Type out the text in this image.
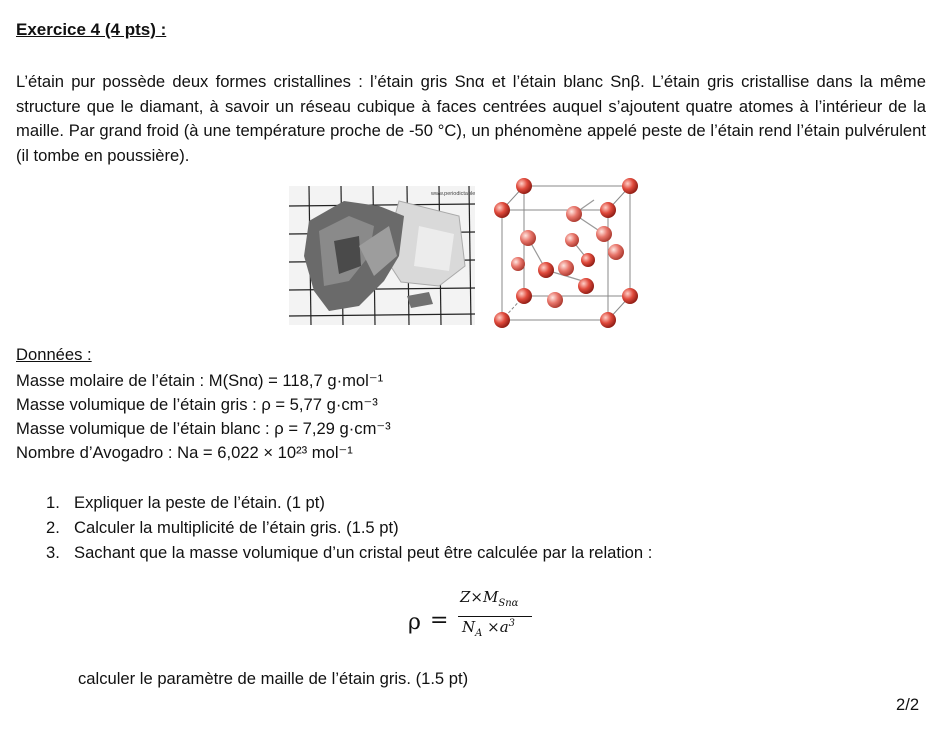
Exercice 4 (4 pts) :
L’étain pur possède deux formes cristallines : l’étain gris Snα et l’étain blanc Snβ. L’étain gris cristallise dans la même structure que le diamant, à savoir un réseau cubique à faces centrées auquel s’ajoutent quatre atomes à l’intérieur de la maille. Par grand froid (à une température proche de -50 °C), un phénomène appelé peste de l’étain rend l’étain pulvérulent (il tombe en poussière).
www.periodictable
Données :
Masse molaire de l’étain : M(Snα) = 118,7 g·mol⁻¹
Masse volumique de l’étain gris : ρ = 5,77 g·cm⁻³
Masse volumique de l’étain blanc : ρ = 7,29 g·cm⁻³
Nombre d’Avogadro : Na = 6,022 × 10²³ mol⁻¹
1. Expliquer la peste de l’étain. (1 pt)
2. Calculer la multiplicité de l’étain gris. (1.5 pt)
3. Sachant que la masse volumique d’un cristal peut être calculée par la relation :
ρ =
$Z\times M_{Sn\alpha}$
$N_A \times a^3$
calculer le paramètre de maille de l’étain gris. (1.5 pt)
2/2
